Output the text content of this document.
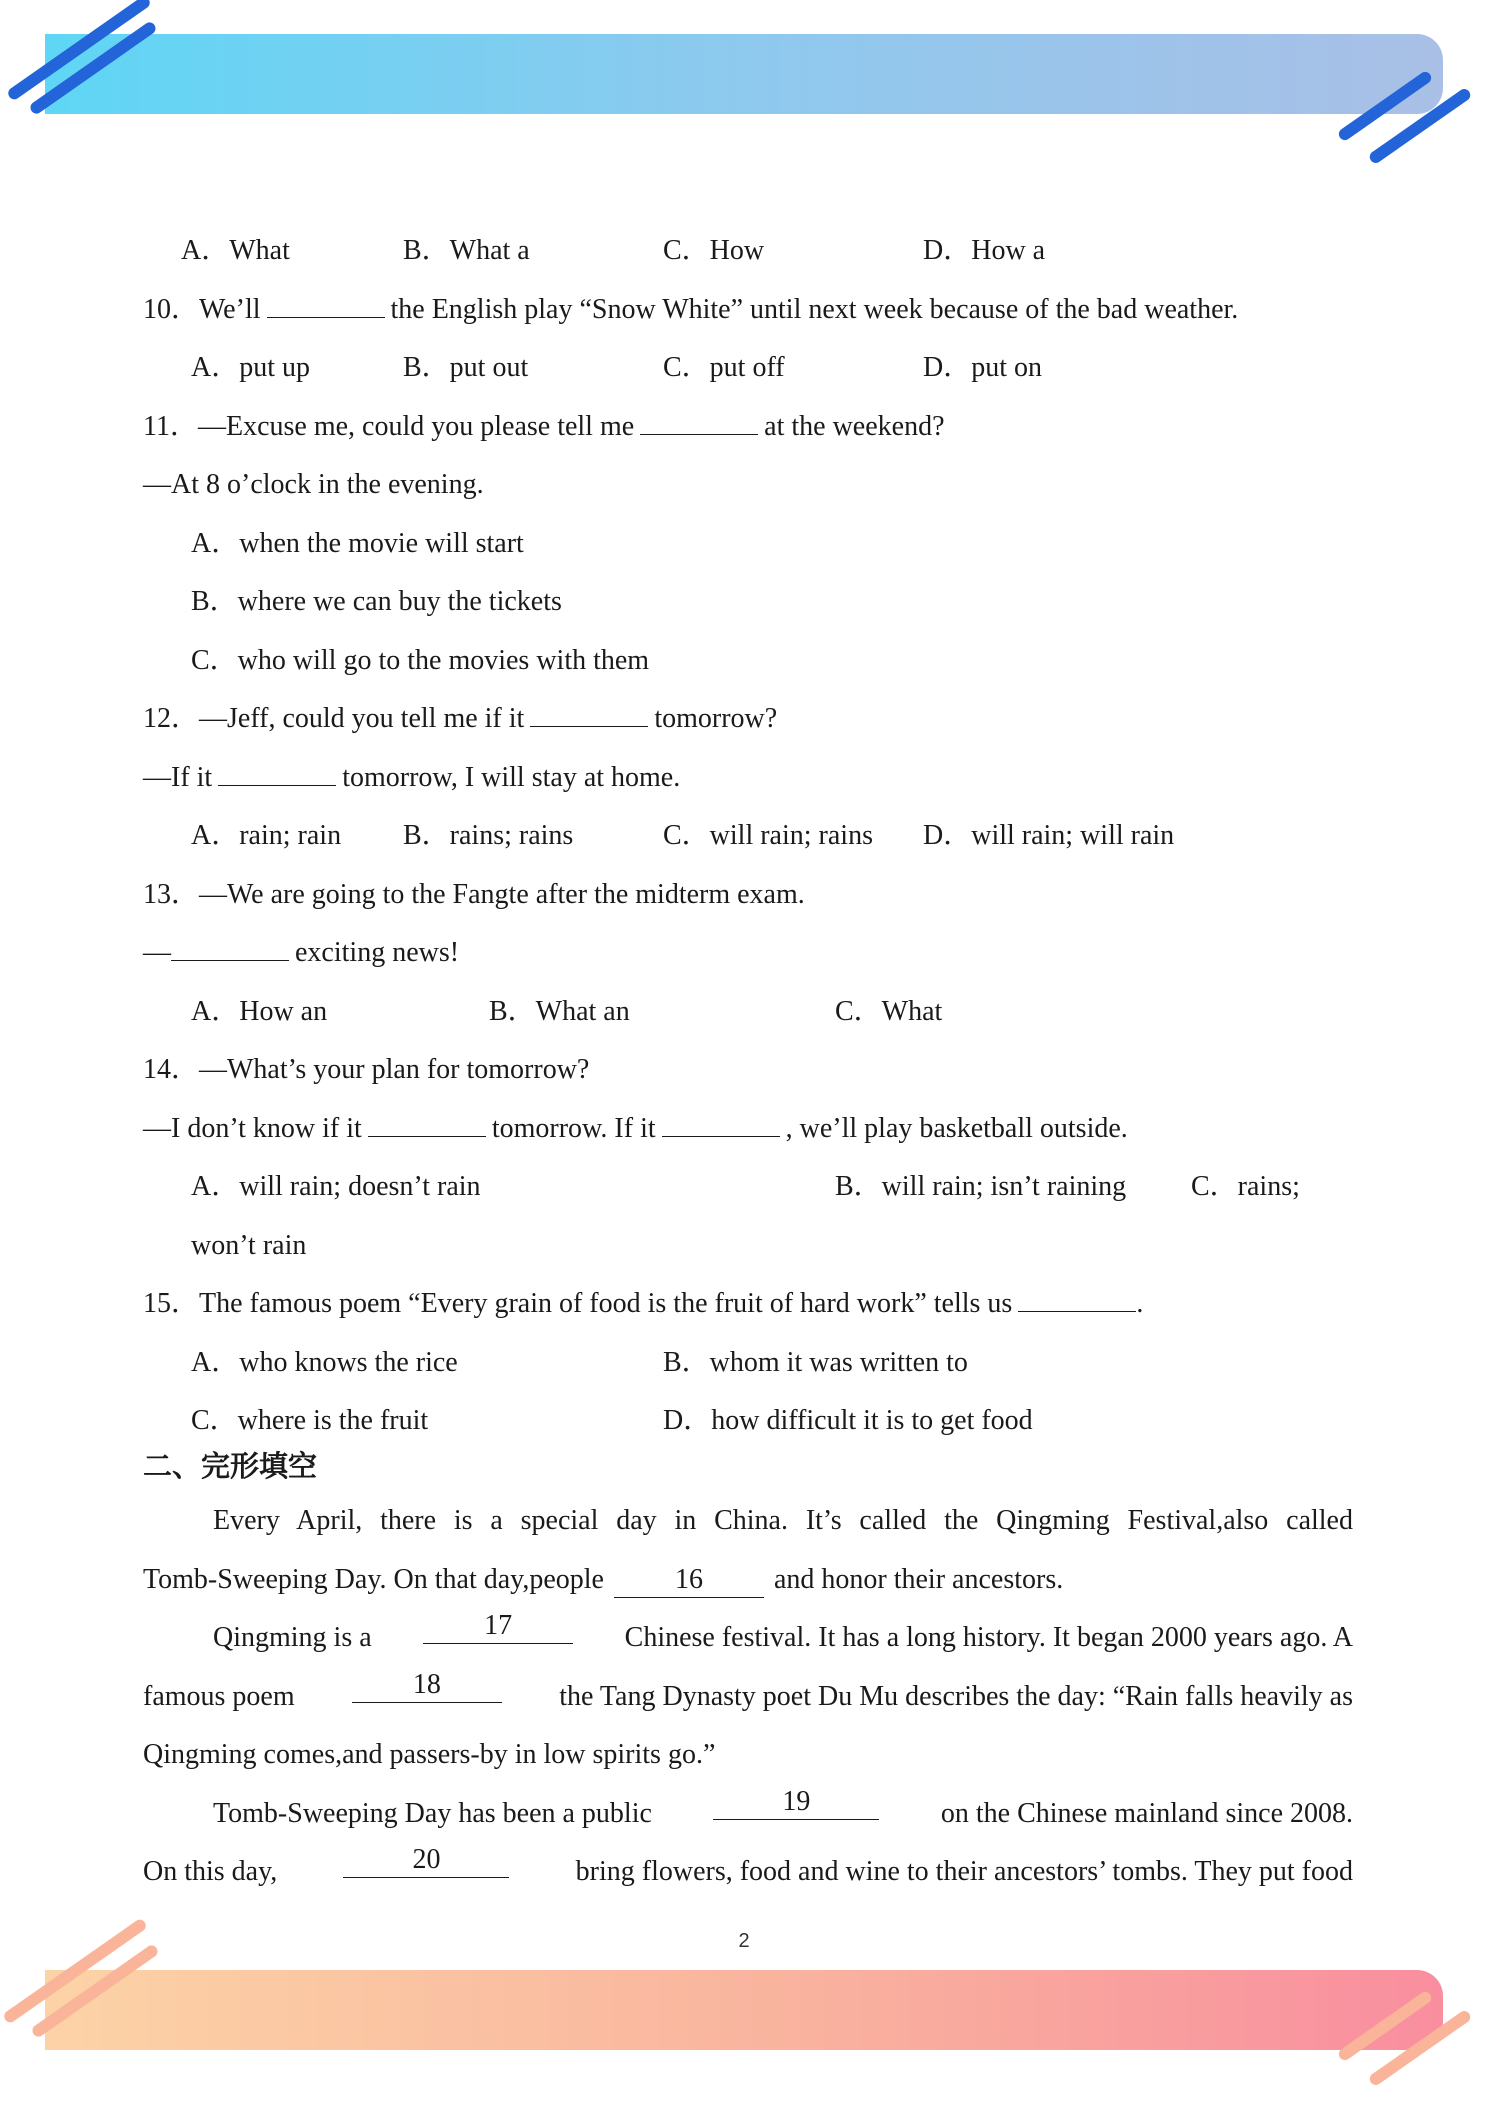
A．What	B．What a	C．How	D．How a
10．We’ll	the English play “Snow White” until next week because of the bad weather.
A．put up	B．put out	C．put off	D．put on
11．—Excuse me, could you please tell me	at the weekend?
—At 8 o’clock in the evening.
A．when the movie will start
B．where we can buy the tickets
C．who will go to the movies with them
12．—Jeff, could you tell me if it	tomorrow?
—If it	tomorrow, I will stay at home.
A．rain; rain B．rains; rains	C．will rain; rains D．will rain; will rain
13．—We are going to the Fangte after the midterm exam.
—	exciting news!
A．How an	B．What an	C．What
14．—What’s your plan for tomorrow?
—I don’t know if it	tomorrow. If it	, we’ll play basketball outside.
A．will rain; doesn’t rain	B．will rain; isn’t raining C．rains;
won’t rain
15．The famous poem “Every grain of food is the fruit of hard work” tells us	.
A．who knows the rice	B．whom it was written to
C．where is the fruit	D．how difficult it is to get food
二、完形填空
Every April, there is a special day in China. It’s called the Qingming Festival,also called
Tomb-Sweeping Day. On that day,people	16	and honor their ancestors.
Qingming is a	17	Chinese festival. It has a long history. It began 2000 years ago. A
famous poem	18	the Tang Dynasty poet Du Mu describes the day: “Rain falls heavily as
Qingming comes,and passers-by in low spirits go.”
Tomb-Sweeping Day has been a public	19	on the Chinese mainland since 2008.
On this day,	20	bring flowers, food and wine to their ancestors’ tombs. They put food
2
